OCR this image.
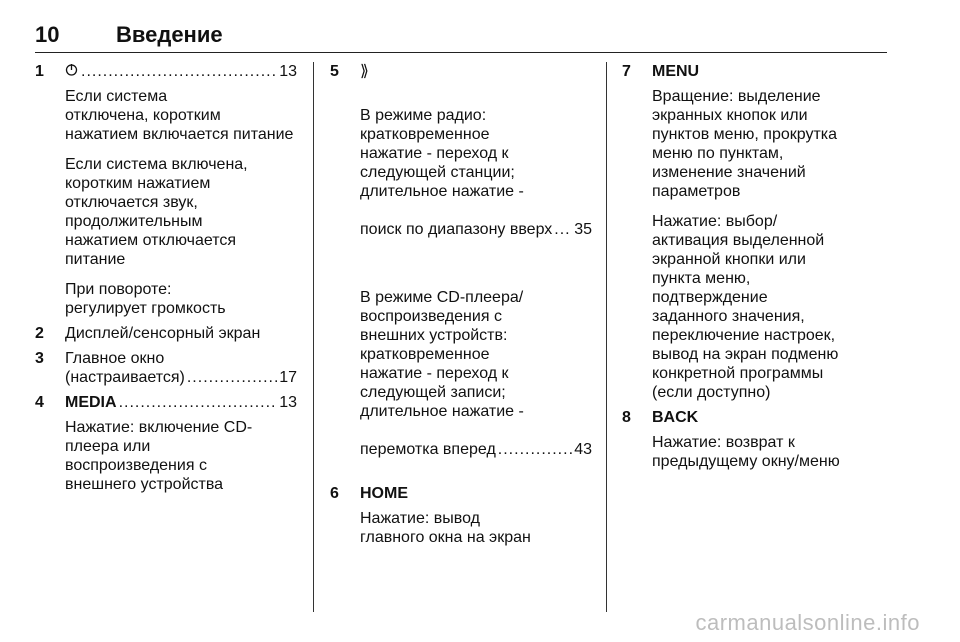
10	Введение
1 .....	13

Если система
отключена, коротким
нажатием включается питание

Если система включена,
коротким нажатием
отключается звук,
продолжительным
нажатием отключается
питание

При повороте:
регулирует громкость

2 Дисплей/сенсорный экран
3 Главное окно
(настраивается) .....	17
4 MEDIA .....	13

Нажатие: включение CD-
плеера или
воспроизведения с
внешнего устройства

5 ⟫

В режиме радио:
кратковременное
нажатие - переход к
следующей станции;
длительное нажатие -

поиск по диапазону вверх ..... 35

В режиме CD-плеера/
воспроизведения с
внешних устройств:
кратковременное
нажатие - переход к
следующей записи;
длительное нажатие -

перемотка вперед .....	43

6 HOME

Нажатие: вывод
главного окна на экран

7 MENU

Вращение: выделение
экранных кнопок или
пунктов меню, прокрутка
меню по пунктам,
изменение значений
параметров

Нажатие: выбор/
активация выделенной
экранной кнопки или
пункта меню,
подтверждение
заданного значения,
переключение настроек,
вывод на экран подменю
конкретной программы
(если доступно)

8 BACK

Нажатие: возврат к
предыдущему окну/меню

carmanualsonline.info
